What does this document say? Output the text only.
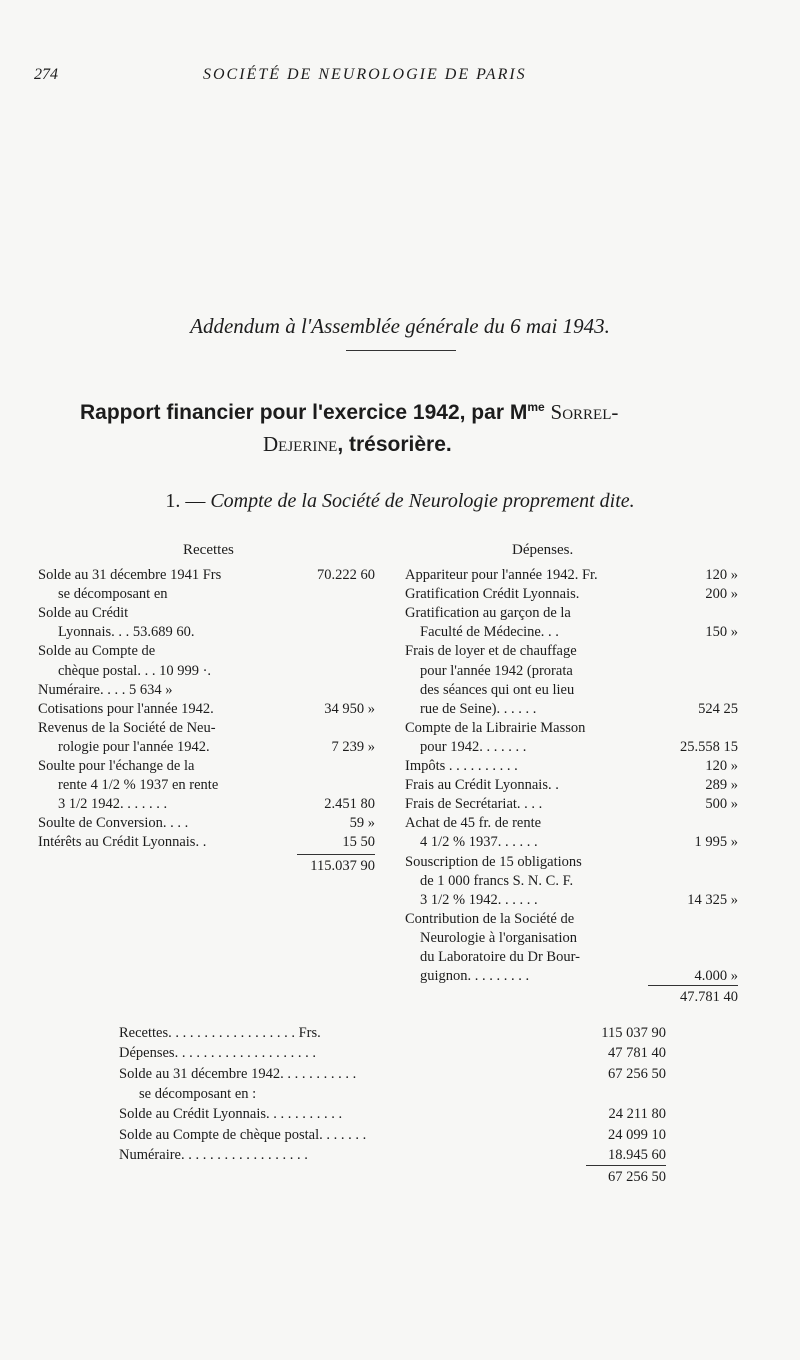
274	SOCIÉTÉ DE NEUROLOGIE DE PARIS
Addendum à l'Assemblée générale du 6 mai 1943.
Rapport financier pour l'exercice 1942, par $M^{me}$ Sorrel-
Dejerine, trésorière.
1. — Compte de la Société de Neurologie proprement dite.
Recettes	Dépenses.
Solde au 31 décembre 1941 Frs	70.222 60
se décomposant en
Solde au Crédit
Lyonnais. . . 53.689 60.
Solde au Compte de
chèque postal. . . 10 999 ·.
Numéraire. . . . 5 634 »
Cotisations pour l'année 1942.	34 950 »
Revenus de la Société de Neu-
rologie pour l'année 1942.	7 239 »
Soulte pour l'échange de la
rente 4 1/2 % 1937 en rente
3 1/2 1942. . . . . . .	2.451 80
Soulte de Conversion. . . .	59 »
Intérêts au Crédit Lyonnais. .	15 50
115.037 90
Appariteur pour l'année 1942. Fr.	120 »
Gratification Crédit Lyonnais.	200 »
Gratification au garçon de la
Faculté de Médecine. . .	150 »
Frais de loyer et de chauffage
pour l'année 1942 (prorata
des séances qui ont eu lieu
rue de Seine). . . . . .	524 25
Compte de la Librairie Masson
pour 1942. . . . . . .	25.558 15
Impôts . . . . . . . . . .	120 »
Frais au Crédit Lyonnais. .	289 »
Frais de Secrétariat. . . .	500 »
Achat de 45 fr. de rente
4 1/2 % 1937. . . . . .	1 995 »
Souscription de 15 obligations
de 1 000 francs S. N. C. F.
3 1/2 % 1942. . . . . .	14 325 »
Contribution de la Société de
Neurologie à l'organisation
du Laboratoire du Dr Bour-
guignon. . . . . . . . .	4.000 »
47.781 40
Recettes. . . . . . . . . . . . . . . . . . Frs.	115 037 90
Dépenses. . . . . . . . . . . . . . . . . . . .	47 781 40
Solde au 31 décembre 1942. . . . . . . . . . .	67 256 50
se décomposant en :
Solde au Crédit Lyonnais. . . . . . . . . . .	24 211 80
Solde au Compte de chèque postal. . . . . . .	24 099 10
Numéraire. . . . . . . . . . . . . . . . . .	18.945 60
67 256 50
